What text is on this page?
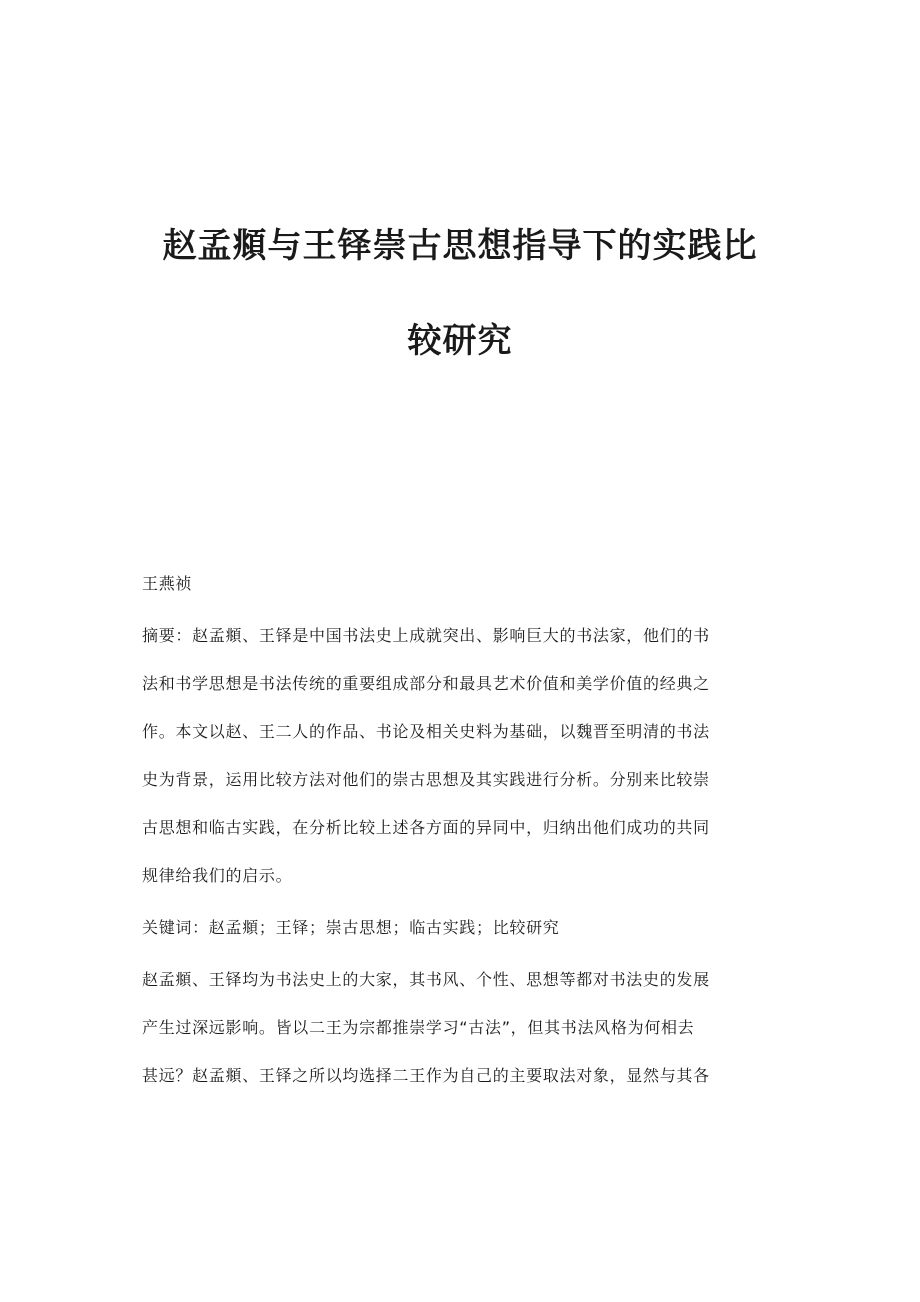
赵孟頫与王铎崇古思想指导下的实践比
较研究

王燕祯

摘要：赵孟頫、王铎是中国书法史上成就突出、影响巨大的书法家，他们的书
法和书学思想是书法传统的重要组成部分和最具艺术价值和美学价值的经典之
作。本文以赵、王二人的作品、书论及相关史料为基础，以魏晋至明清的书法
史为背景，运用比较方法对他们的崇古思想及其实践进行分析。分别来比较崇
古思想和临古实践，在分析比较上述各方面的异同中，归纳出他们成功的共同
规律给我们的启示。

关键词：赵孟頫；王铎；崇古思想；临古实践；比较研究

赵孟頫、王铎均为书法史上的大家，其书风、个性、思想等都对书法史的发展
产生过深远影响。皆以二王为宗都推崇学习“古法”，但其书法风格为何相去
甚远？赵孟頫、王铎之所以均选择二王作为自己的主要取法对象，显然与其各
